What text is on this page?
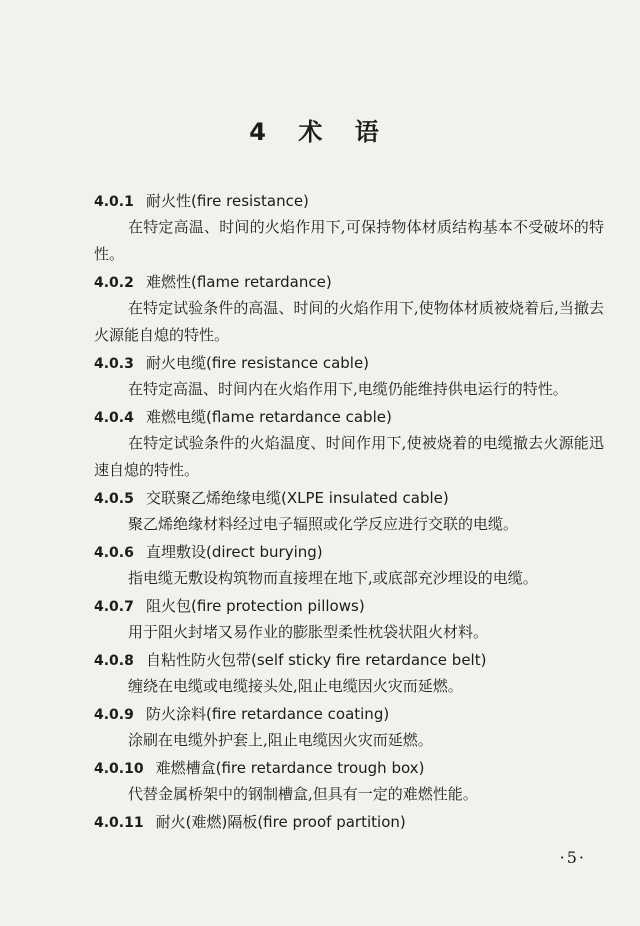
4 术 语
4.0.1 耐火性(fire resistance)
在特定高温、时间的火焰作用下,可保持物体材质结构基本不受破坏的特性。
4.0.2 难燃性(flame retardance)
在特定试验条件的高温、时间的火焰作用下,使物体材质被烧着后,当撤去火源能自熄的特性。
4.0.3 耐火电缆(fire resistance cable)
在特定高温、时间内在火焰作用下,电缆仍能维持供电运行的特性。
4.0.4 难燃电缆(flame retardance cable)
在特定试验条件的火焰温度、时间作用下,使被烧着的电缆撤去火源能迅速自熄的特性。
4.0.5 交联聚乙烯绝缘电缆(XLPE insulated cable)
聚乙烯绝缘材料经过电子辐照或化学反应进行交联的电缆。
4.0.6 直埋敷设(direct burying)
指电缆无敷设构筑物而直接埋在地下,或底部充沙埋设的电缆。
4.0.7 阻火包(fire protection pillows)
用于阻火封堵又易作业的膨胀型柔性枕袋状阻火材料。
4.0.8 自粘性防火包带(self sticky fire retardance belt)
缠绕在电缆或电缆接头处,阻止电缆因火灾而延燃。
4.0.9 防火涂料(fire retardance coating)
涂刷在电缆外护套上,阻止电缆因火灾而延燃。
4.0.10 难燃槽盒(fire retardance trough box)
代替金属桥架中的钢制槽盒,但具有一定的难燃性能。
4.0.11 耐火(难燃)隔板(fire proof partition)
·5·
